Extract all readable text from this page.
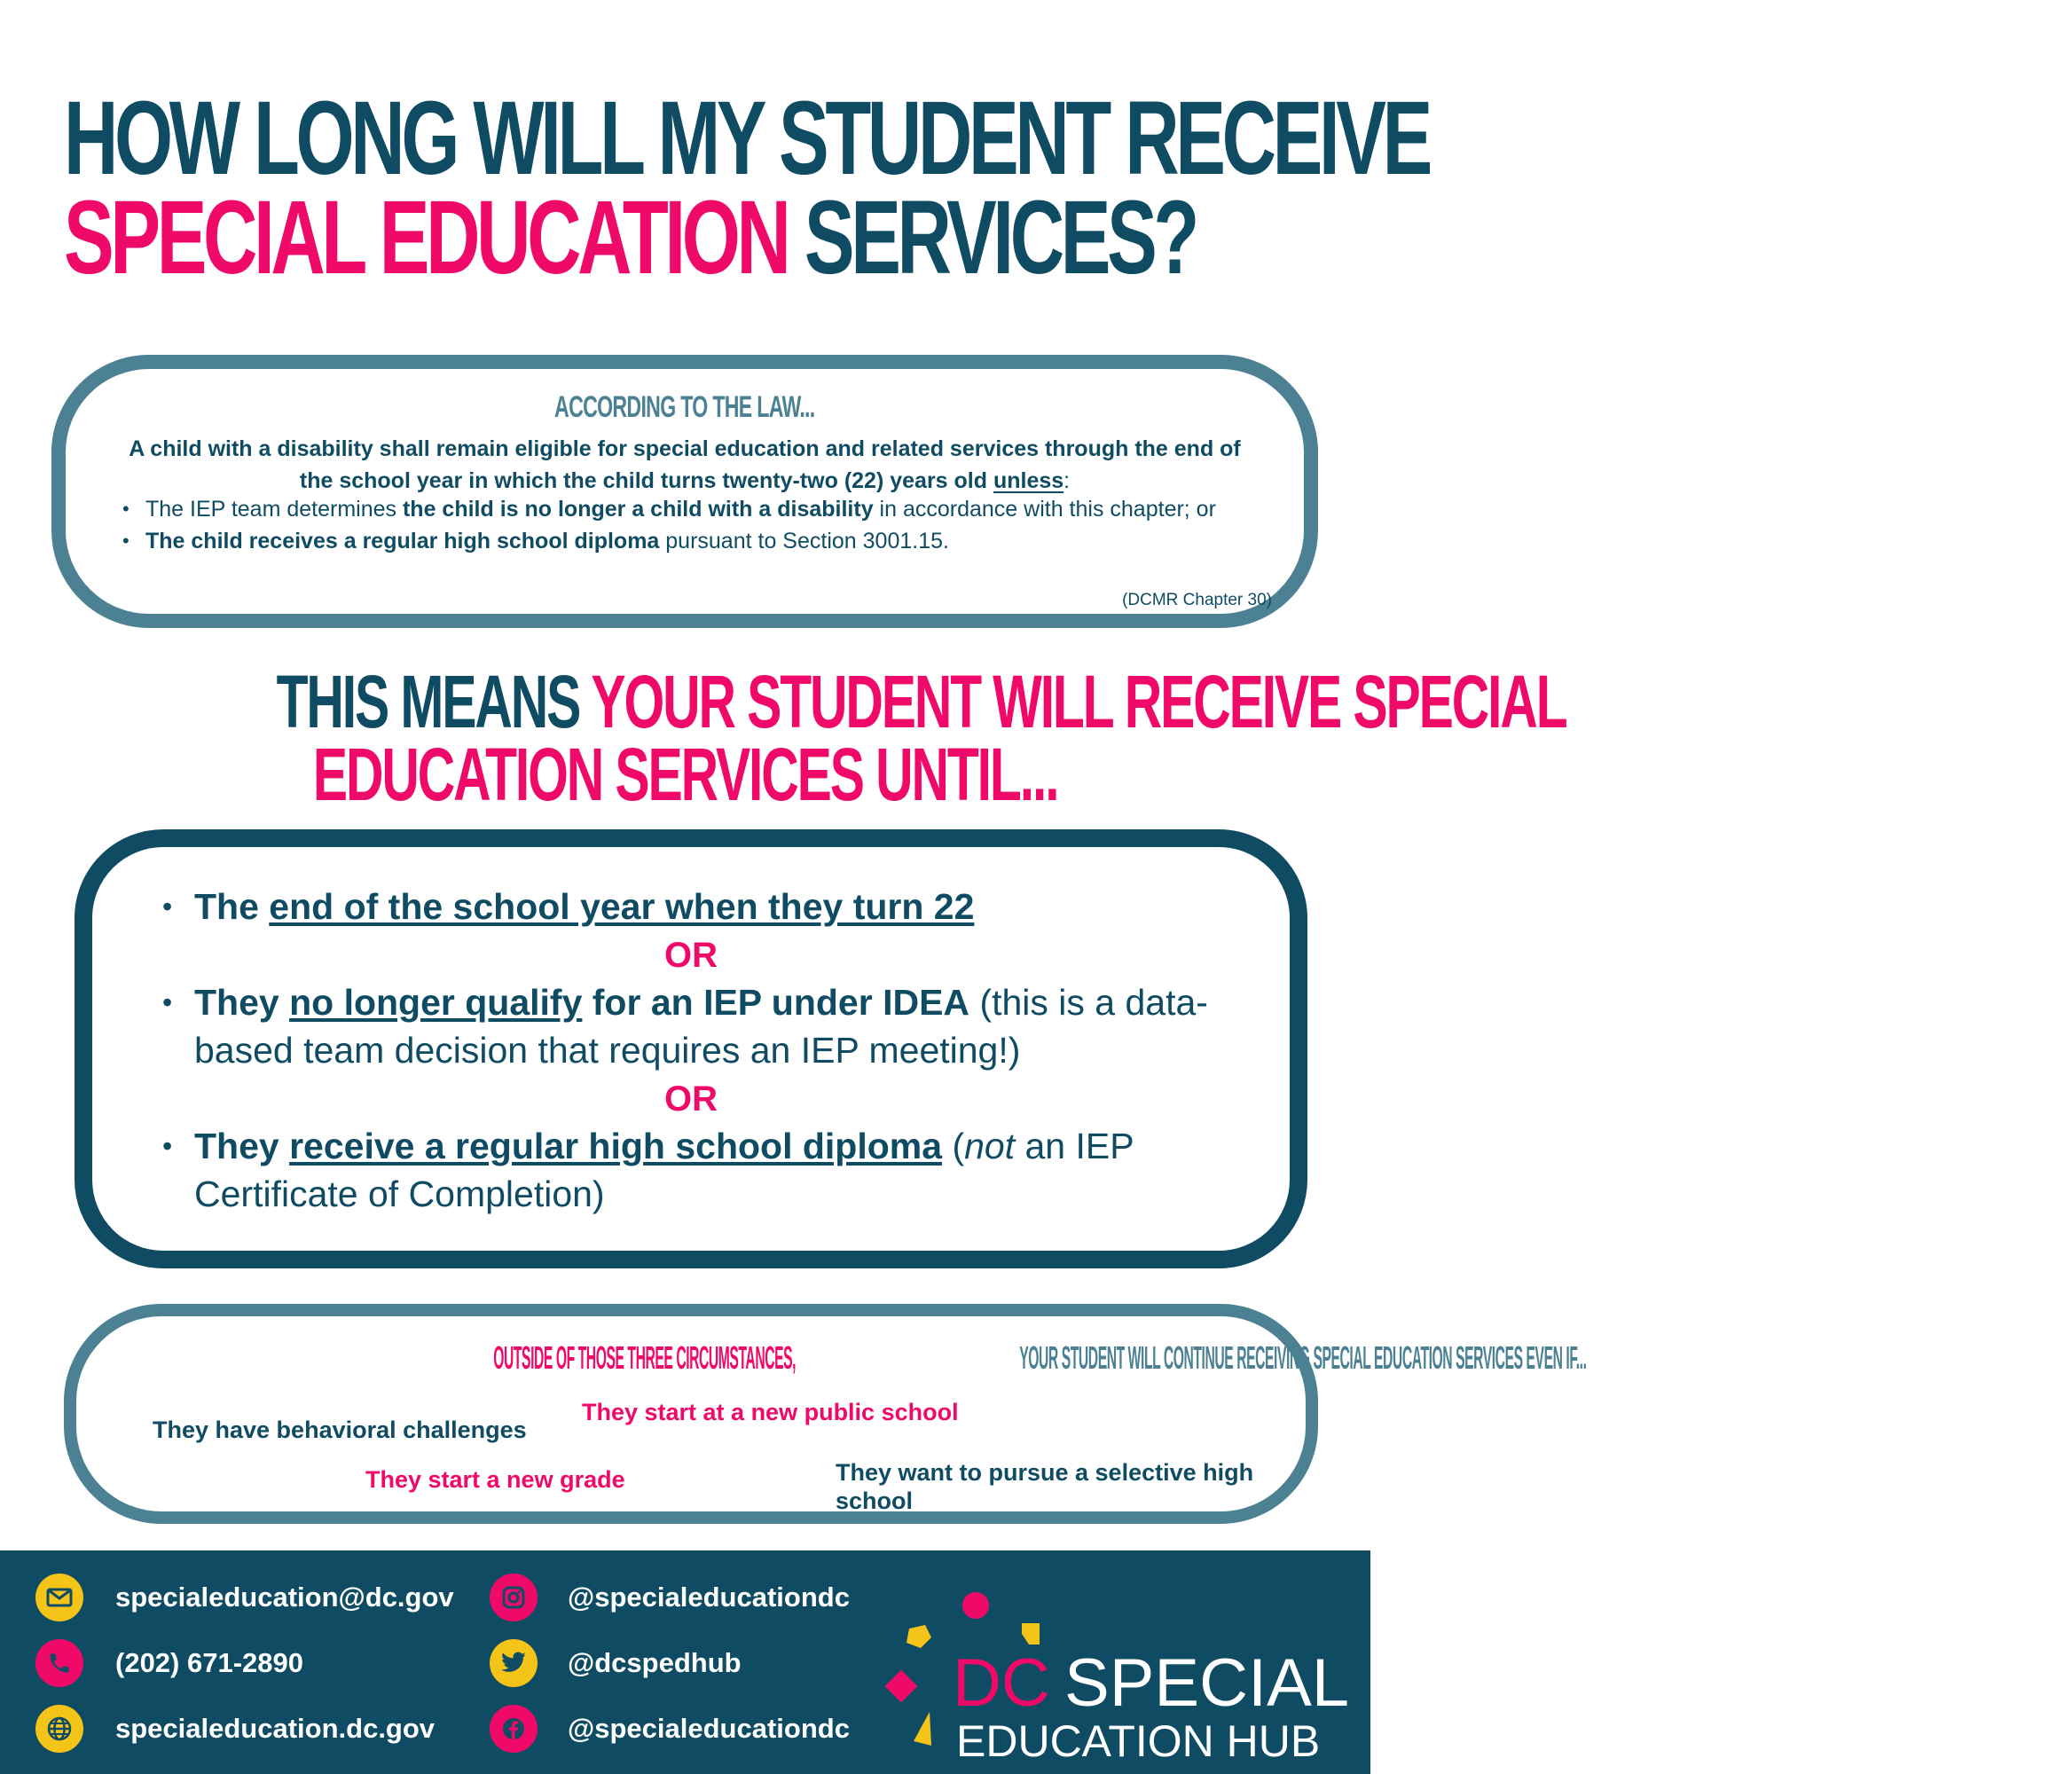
HOW LONG WILL MY STUDENT RECEIVE
SPECIAL EDUCATION SERVICES?
ACCORDING TO THE LAW...
A child with a disability shall remain eligible for special education and related services through the end of the school year in which the child turns twenty-two (22) years old unless:
• The IEP team determines the child is no longer a child with a disability in accordance with this chapter; or
• The child receives a regular high school diploma pursuant to Section 3001.15.
(DCMR Chapter 30)
THIS MEANS YOUR STUDENT WILL RECEIVE SPECIAL
EDUCATION SERVICES UNTIL...
• The end of the school year when they turn 22
OR
• They no longer qualify for an IEP under IDEA (this is a data-based team decision that requires an IEP meeting!)
OR
• They receive a regular high school diploma (not an IEP Certificate of Completion)
OUTSIDE OF THOSE THREE CIRCUMSTANCES,	YOUR STUDENT WILL CONTINUE RECEIVING SPECIAL EDUCATION SERVICES EVEN IF...
They have behavioral challenges
They start at a new public school
They start a new grade	They want to pursue a selective high school
specialeducation@dc.gov
(202) 671-2890
specialeducation.dc.gov
@specialeducationdc
@dcspedhub
@specialeducationdc
DC SPECIAL
EDUCATION HUB
